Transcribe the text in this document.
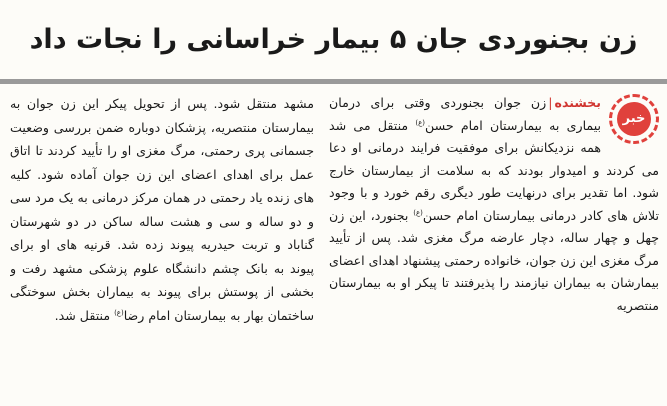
زن بجنوردی جان ۵ بیمار خراسانی را نجات داد
خبر
بخشنده|زن جوان بجنوردی وقتی برای درمان بیماری به بیمارستان امام حسن$^{(ع)}$ منتقل می شد همه نزدیکانش برای موفقیت فرایند درمانی او دعا می کردند و امیدوار بودند که به سلامت از بیمارستان خارج شود. اما تقدیر برای درنهایت طور دیگری رقم خورد و با وجود تلاش های کادر درمانی بیمارستان امام حسن$^{(ع)}$ بجنورد، این زن چهل و چهار ساله، دچار عارضه مرگ مغزی شد. پس از تأیید مرگ مغزی این زن جوان، خانواده رحمتی پیشنهاد اهدای اعضای بیمارشان به بیماران نیازمند را پذیرفتند تا پیکر او به بیمارستان منتصریه
مشهد منتقل شود. پس از تحویل پیکر این زن جوان به بیمارستان منتصریه، پزشکان دوباره ضمن بررسی وضعیت جسمانی پری رحمتی، مرگ مغزی او را تأیید کردند تا اتاق عمل برای اهدای اعضای این زن جوان آماده شود. کلیه های زنده یاد رحمتی در همان مرکز درمانی به یک مرد سی و دو ساله و سی و هشت ساله ساکن در دو شهرستان گناباد و تربت حیدریه پیوند زده شد. قرنیه های او برای پیوند به بانک چشم دانشگاه علوم پزشکی مشهد رفت و بخشی از پوستش برای پیوند به بیماران بخش سوختگی ساختمان بهار به بیمارستان امام رضا$^{(ع)}$ منتقل شد.
